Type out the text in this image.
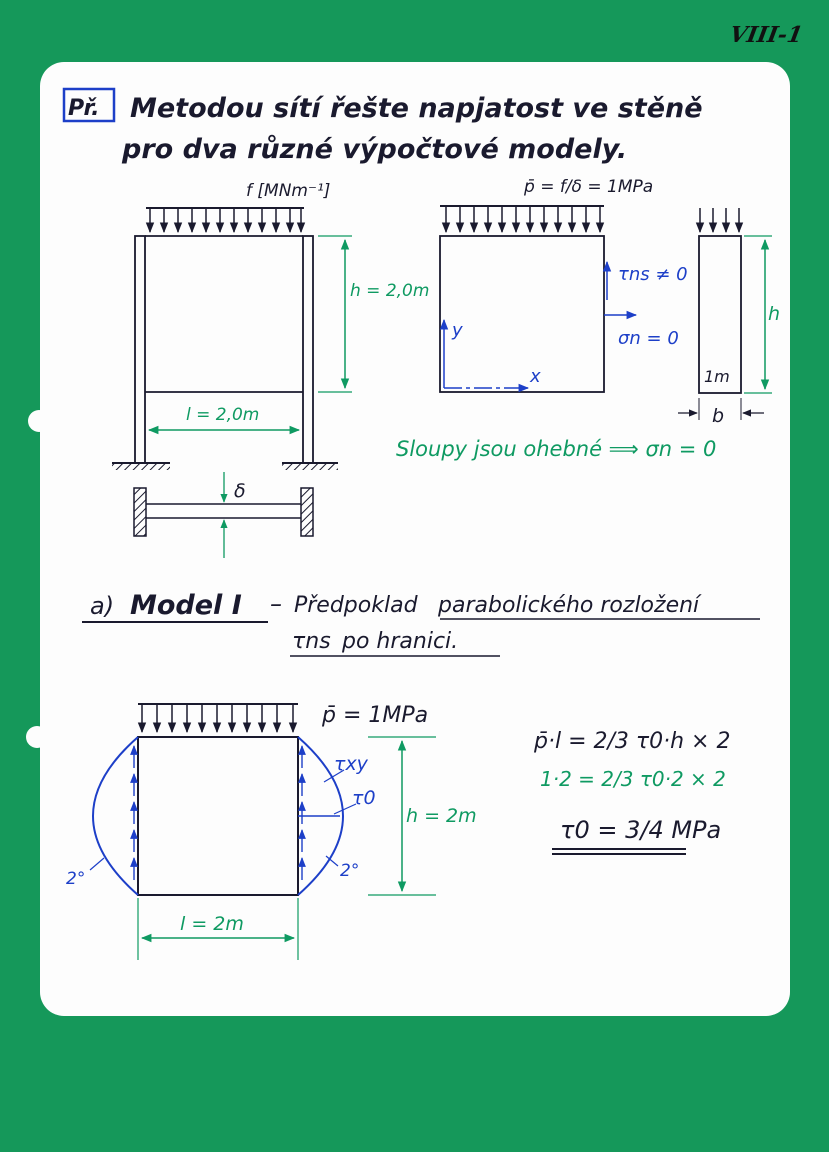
VIII-1
Př. Metodou sítí řešte napjatost ve stěně
pro dva různé výpočtové modely.
f [MNm⁻¹]
h = 2,0m
l = 2,0m
δ
p̄ = f/δ = 1MPa
y
x
τns ≠ 0
σn = 0
1m
h
b
Sloupy jsou ohebné ⟹ σn = 0
a) Model I – Předpoklad parabolického rozložení
τns po hranici.
p̄ = 1MPa
τxy
τ0
2°	2°
h = 2m
l = 2m
p̄·l = 2/3 τ0·h × 2
1·2 = 2/3 τ0·2 × 2
τ0 = 3/4 MPa
